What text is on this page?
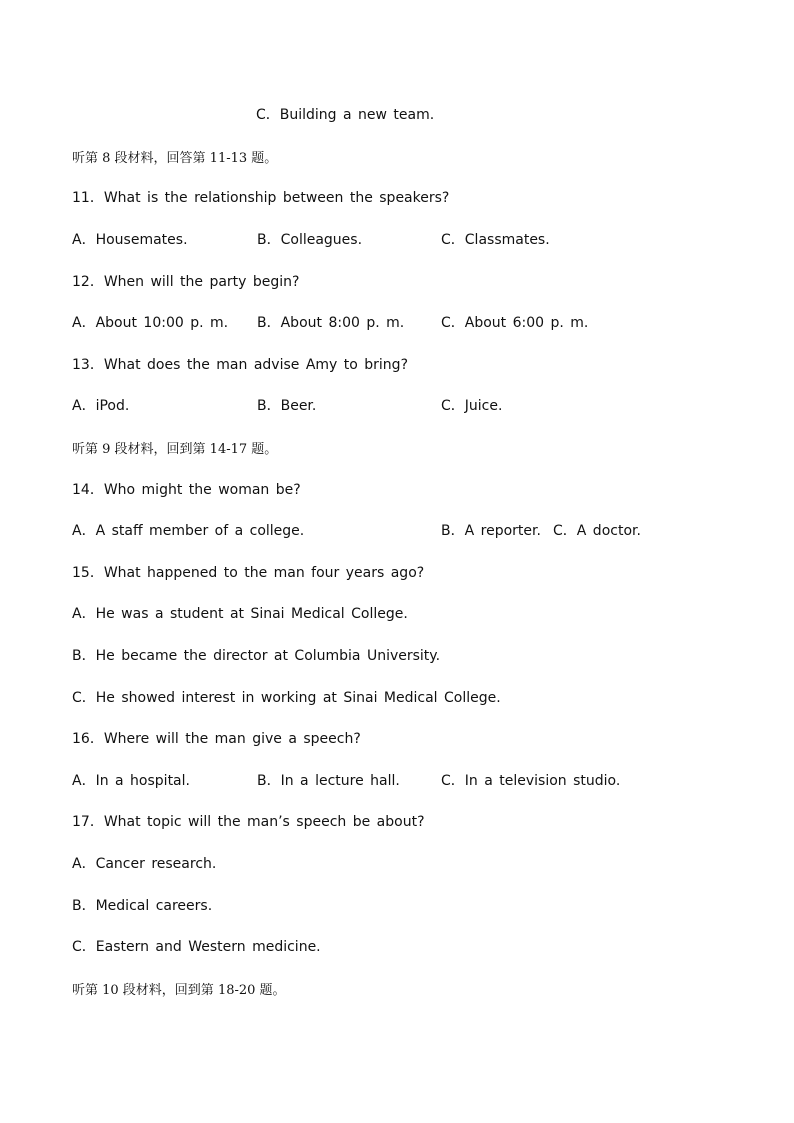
C．Building a new team.
听第 8 段材料，回答第 11-13 题。
11．What is the relationship between the speakers?
A．Housemates.	B．Colleagues.	C．Classmates.
12．When will the party begin?
A．About 10:00 p. m. B．About 8:00 p. m.	C．About 6:00 p. m.
13．What does the man advise Amy to bring?
A．iPod.	B．Beer.	C．Juice.
听第 9 段材料，回到第 14-17 题。
14．Who might the woman be?
A．A staff member of a college.	B．A reporter. C．A doctor.
15．What happened to the man four years ago?
A．He was a student at Sinai Medical College.
B．He became the director at Columbia University.
C．He showed interest in working at Sinai Medical College.
16．Where will the man give a speech?
A．In a hospital.	B．In a lecture hall.	C．In a television studio.
17．What topic will the man’s speech be about?
A．Cancer research.
B．Medical careers.
C．Eastern and Western medicine.
听第 10 段材料，回到第 18-20 题。
